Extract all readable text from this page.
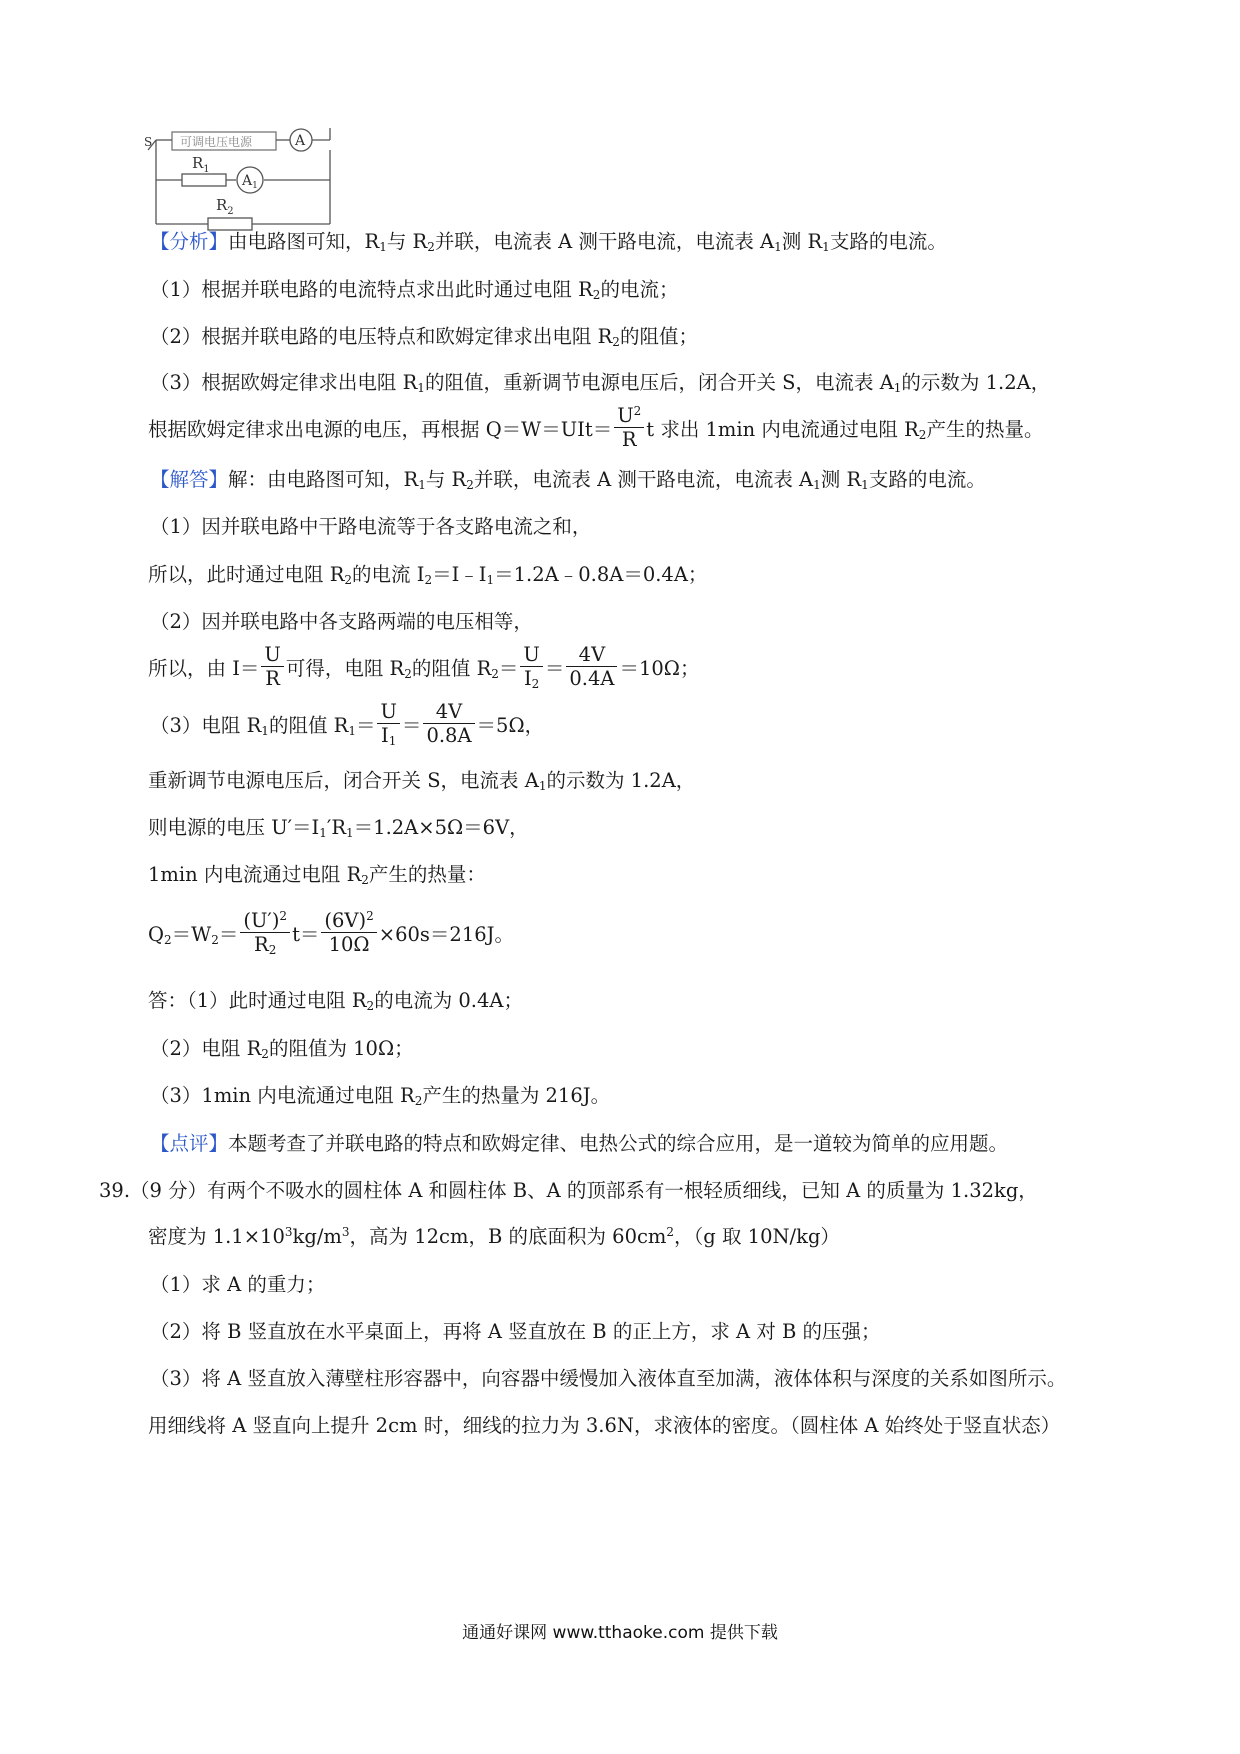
可调电压电源
S
$R_1$
$R_2$
A
$A_1$
【分析】由电路图可知，$R_1$与 $R_2$并联，电流表 A 测干路电流，电流表 $A_1$测 $R_1$支路的电流。
（1）根据并联电路的电流特点求出此时通过电阻 $R_2$的电流；
（2）根据并联电路的电压特点和欧姆定律求出电阻 $R_2$的阻值；
（3）根据欧姆定律求出电阻 $R_1$的阻值，重新调节电源电压后，闭合开关 S，电流表 $A_1$的示数为 1.2A，
根据欧姆定律求出电源的电压，再根据 $Q=W=UIt= \frac{U^2}{R}$ t 求出 1min 内电流通过电阻 $R_2$产生的热量。
【解答】解：由电路图可知，$R_1$与 $R_2$并联，电流表 A 测干路电流，电流表 $A_1$测 $R_1$支路的电流。
（1）因并联电路中干路电流等于各支路电流之和，
所以，此时通过电阻 $R_2$的电流 $I_2=I﹣I_1=1.2A﹣0.8A=0.4A$；
（2）因并联电路中各支路两端的电压相等，
所以，由 $I= \frac{U}{R}$ 可得，电阻 $R_2$的阻值 $R_2= \frac{U}{I_2} = \frac{4V}{0.4A} =10\Omega$；
（3）电阻 $R_1$的阻值 $R_1= \frac{U}{I_1} = \frac{4V}{0.8A} =5\Omega$，
重新调节电源电压后，闭合开关 S，电流表 $A_1$的示数为 1.2A，
则电源的电压 $U'=I_1'R_1=1.2A\times 5\Omega=6V$，
1min 内电流通过电阻 $R_2$产生的热量：
$Q_2=W_2= \frac{(U')^2}{R_2} t= \frac{(6V)^2}{10\Omega} \times 60s=216J$。
答：（1）此时通过电阻 $R_2$的电流为 0.4A；
（2）电阻 $R_2$的阻值为 10Ω；
（3）1min 内电流通过电阻 $R_2$产生的热量为 216J。
【点评】本题考查了并联电路的特点和欧姆定律、电热公式的综合应用，是一道较为简单的应用题。
39.（9 分）有两个不吸水的圆柱体 A 和圆柱体 B、A 的顶部系有一根轻质细线，已知 A 的质量为 1.32kg，
密度为 $1.1\times 10^3kg/m^3$，高为 12cm，B 的底面积为 $60cm^2$，（g 取 10N/kg）
（1）求 A 的重力；
（2）将 B 竖直放在水平桌面上，再将 A 竖直放在 B 的正上方，求 A 对 B 的压强；
（3）将 A 竖直放入薄壁柱形容器中，向容器中缓慢加入液体直至加满，液体体积与深度的关系如图所示。
用细线将 A 竖直向上提升 2cm 时，细线的拉力为 3.6N，求液体的密度。（圆柱体 A 始终处于竖直状态）
通通好课网 www.tthaoke.com 提供下载
